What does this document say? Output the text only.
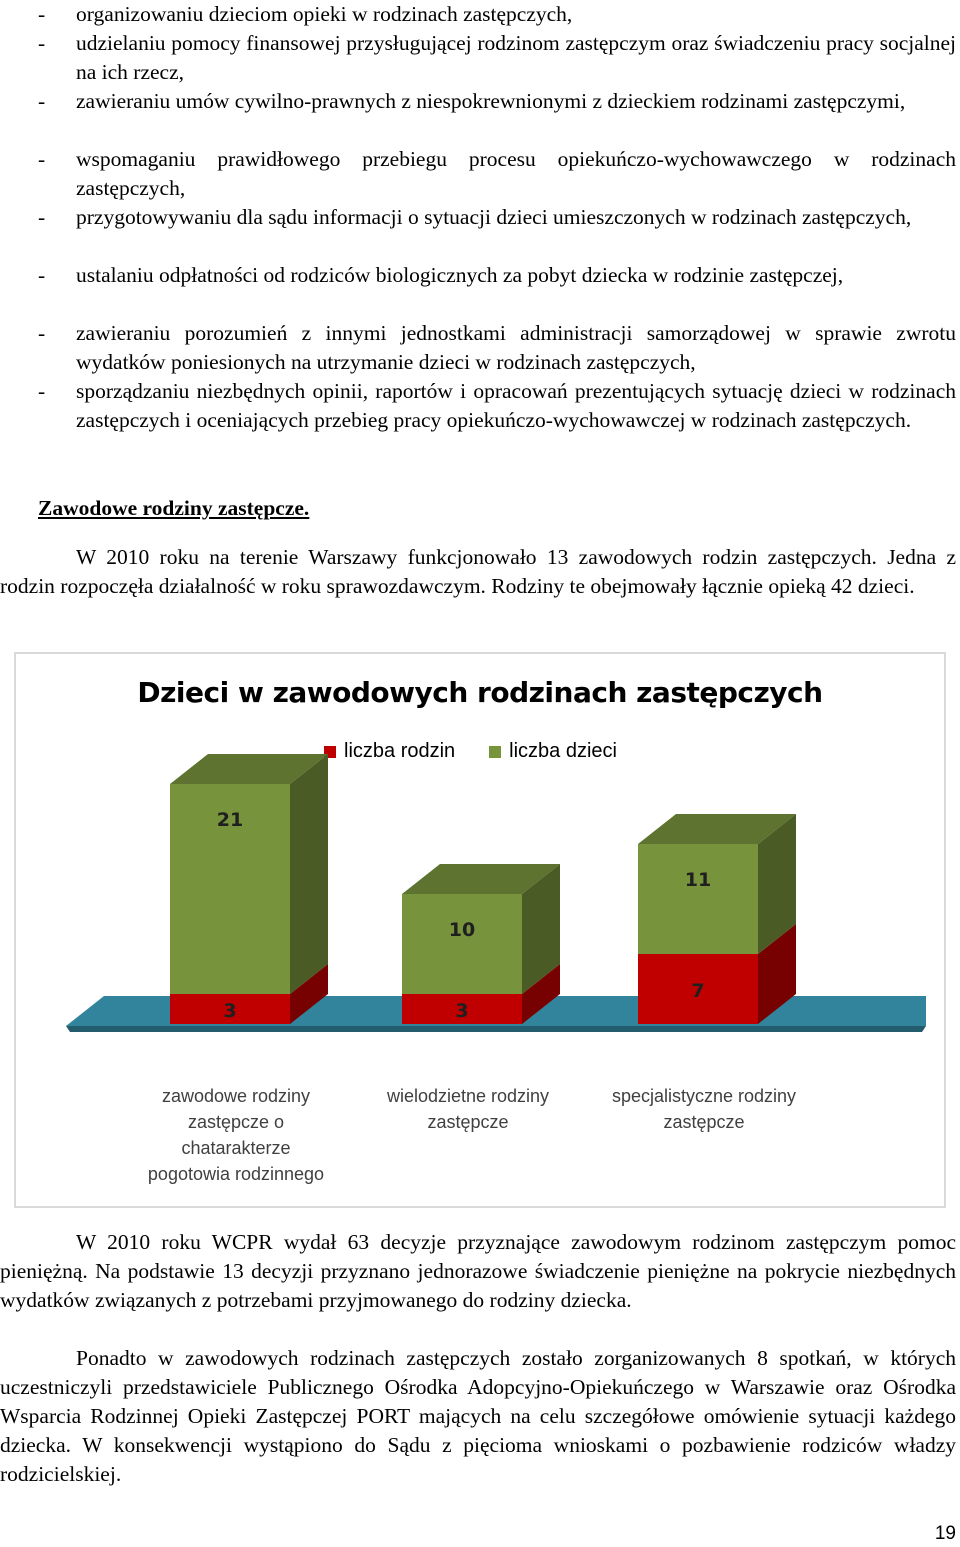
- organizowaniu dzieciom opieki w rodzinach zastępczych,
- udzielaniu pomocy finansowej przysługującej rodzinom zastępczym oraz świadczeniu pracy socjalnej na ich rzecz,
- zawieraniu umów cywilno-prawnych z niespokrewnionymi z dzieckiem rodzinami zastępczymi,
- wspomaganiu prawidłowego przebiegu procesu opiekuńczo-wychowawczego w rodzinach zastępczych,
- przygotowywaniu dla sądu informacji o sytuacji dzieci umieszczonych w rodzinach zastępczych,
- ustalaniu odpłatności od rodziców biologicznych za pobyt dziecka w rodzinie zastępczej,
- zawieraniu porozumień z innymi jednostkami administracji samorządowej w sprawie zwrotu wydatków poniesionych na utrzymanie dzieci w rodzinach zastępczych,
- sporządzaniu niezbędnych opinii, raportów i opracowań prezentujących sytuację dzieci w rodzinach zastępczych i oceniających przebieg pracy opiekuńczo-wychowawczej w rodzinach zastępczych.
Zawodowe rodziny zastępcze.
W 2010 roku na terenie Warszawy funkcjonowało 13 zawodowych rodzin zastępczych. Jedna z rodzin rozpoczęła działalność w roku sprawozdawczym. Rodziny te obejmowały łącznie opieką 42 dzieci.
Dzieci w zawodowych rodzinach zastępczych
liczba rodzin	liczba dzieci
3
21
zawodowe rodziny
zastępcze o
chatarakterze
pogotowia rodzinnego
3
10
wielodzietne rodziny
zastępcze
7
11
specjalistyczne rodziny
zastępcze
W 2010 roku WCPR wydał 63 decyzje przyznające zawodowym rodzinom zastępczym pomoc pieniężną. Na podstawie 13 decyzji przyznano jednorazowe świadczenie pieniężne na pokrycie niezbędnych wydatków związanych z potrzebami przyjmowanego do rodziny dziecka.
Ponadto w zawodowych rodzinach zastępczych zostało zorganizowanych 8 spotkań, w których uczestniczyli przedstawiciele Publicznego Ośrodka Adopcyjno-Opiekuńczego w Warszawie oraz Ośrodka Wsparcia Rodzinnej Opieki Zastępczej PORT mających na celu szczegółowe omówienie sytuacji każdego dziecka. W konsekwencji wystąpiono do Sądu z pięcioma wnioskami o pozbawienie rodziców władzy rodzicielskiej.
19
